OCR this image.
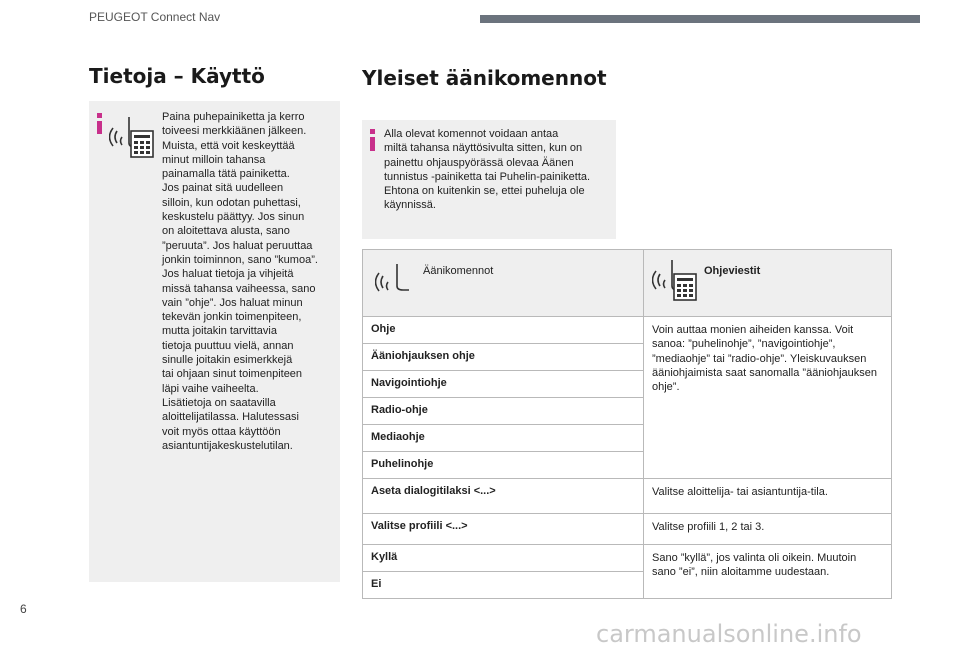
PEUGEOT Connect Nav
Tietoja – Käyttö	Yleiset äänikomennot

Paina puhepainiketta ja kerro
toiveesi merkkiäänen jälkeen.
Muista, että voit keskeyttää
minut milloin tahansa
painamalla tätä painiketta.
Jos painat sitä uudelleen
silloin, kun odotan puhettasi,
keskustelu päättyy. Jos sinun
on aloitettava alusta, sano
”peruuta”. Jos haluat peruuttaa
jonkin toiminnon, sano ”kumoa”.
Jos haluat tietoja ja vihjeitä
missä tahansa vaiheessa, sano
vain ”ohje”. Jos haluat minun
tekevän jonkin toimenpiteen,
mutta joitakin tarvittavia
tietoja puuttuu vielä, annan
sinulle joitakin esimerkkejä
tai ohjaan sinut toimenpiteen
läpi vaihe vaiheelta.
Lisätietoja on saatavilla
aloittelijatilassa. Halutessasi
voit myös ottaa käyttöön
asiantuntijakeskustelutilan.

Alla olevat komennot voidaan antaa
miltä tahansa näyttösivulta sitten, kun on
painettu ohjauspyörässä olevaa Äänen
tunnistus -painiketta tai Puhelin-painiketta.
Ehtona on kuitenkin se, ettei puheluja ole
käynnissä.

Äänikomennot	Ohjeviestit

Ohje	Voin auttaa monien aiheiden kanssa. Voit sanoa: ”puhelinohje”, ”navigointiohje”, ”mediaohje” tai ”radio-ohje”. Yleiskuvauksen ääniohjaimista saat sanomalla ”ääniohjauksen ohje”.
Ääniohjauksen ohje	
Navigointiohje	
Radio-ohje	
Mediaohje	
Puhelinohje	
Aseta dialogitilaksi <...>	Valitse aloittelija- tai asiantuntija-tila.
Valitse profiili <...>	Valitse profiili 1, 2 tai 3.
Kyllä	Sano ”kyllä”, jos valinta oli oikein. Muutoin sano ”ei”, niin aloitamme uudestaan.
Ei	
6
carmanualsonline.info
